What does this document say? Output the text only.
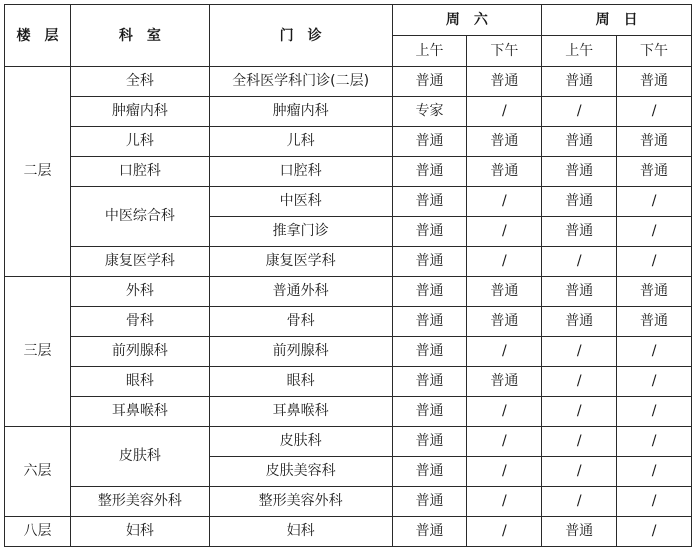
楼　层	科　室	门　诊	周　六		周　日	
			上午	下午	上午	下午
二层	全科	全科医学科门诊(二层)	普通	普通	普通	普通
	肿瘤内科	肿瘤内科	专家	/	/	/
	儿科	儿科	普通	普通	普通	普通
	口腔科	口腔科	普通	普通	普通	普通
	中医综合科	中医科	普通	/	普通	/
		推拿门诊	普通	/	普通	/
	康复医学科	康复医学科	普通	/	/	/
三层	外科	普通外科	普通	普通	普通	普通
	骨科	骨科	普通	普通	普通	普通
	前列腺科	前列腺科	普通	/	/	/
	眼科	眼科	普通	普通	/	/
	耳鼻喉科	耳鼻喉科	普通	/	/	/
六层	皮肤科	皮肤科	普通	/	/	/
		皮肤美容科	普通	/	/	/
	整形美容外科	整形美容外科	普通	/	/	/
八层	妇科	妇科	普通	/	普通	/
